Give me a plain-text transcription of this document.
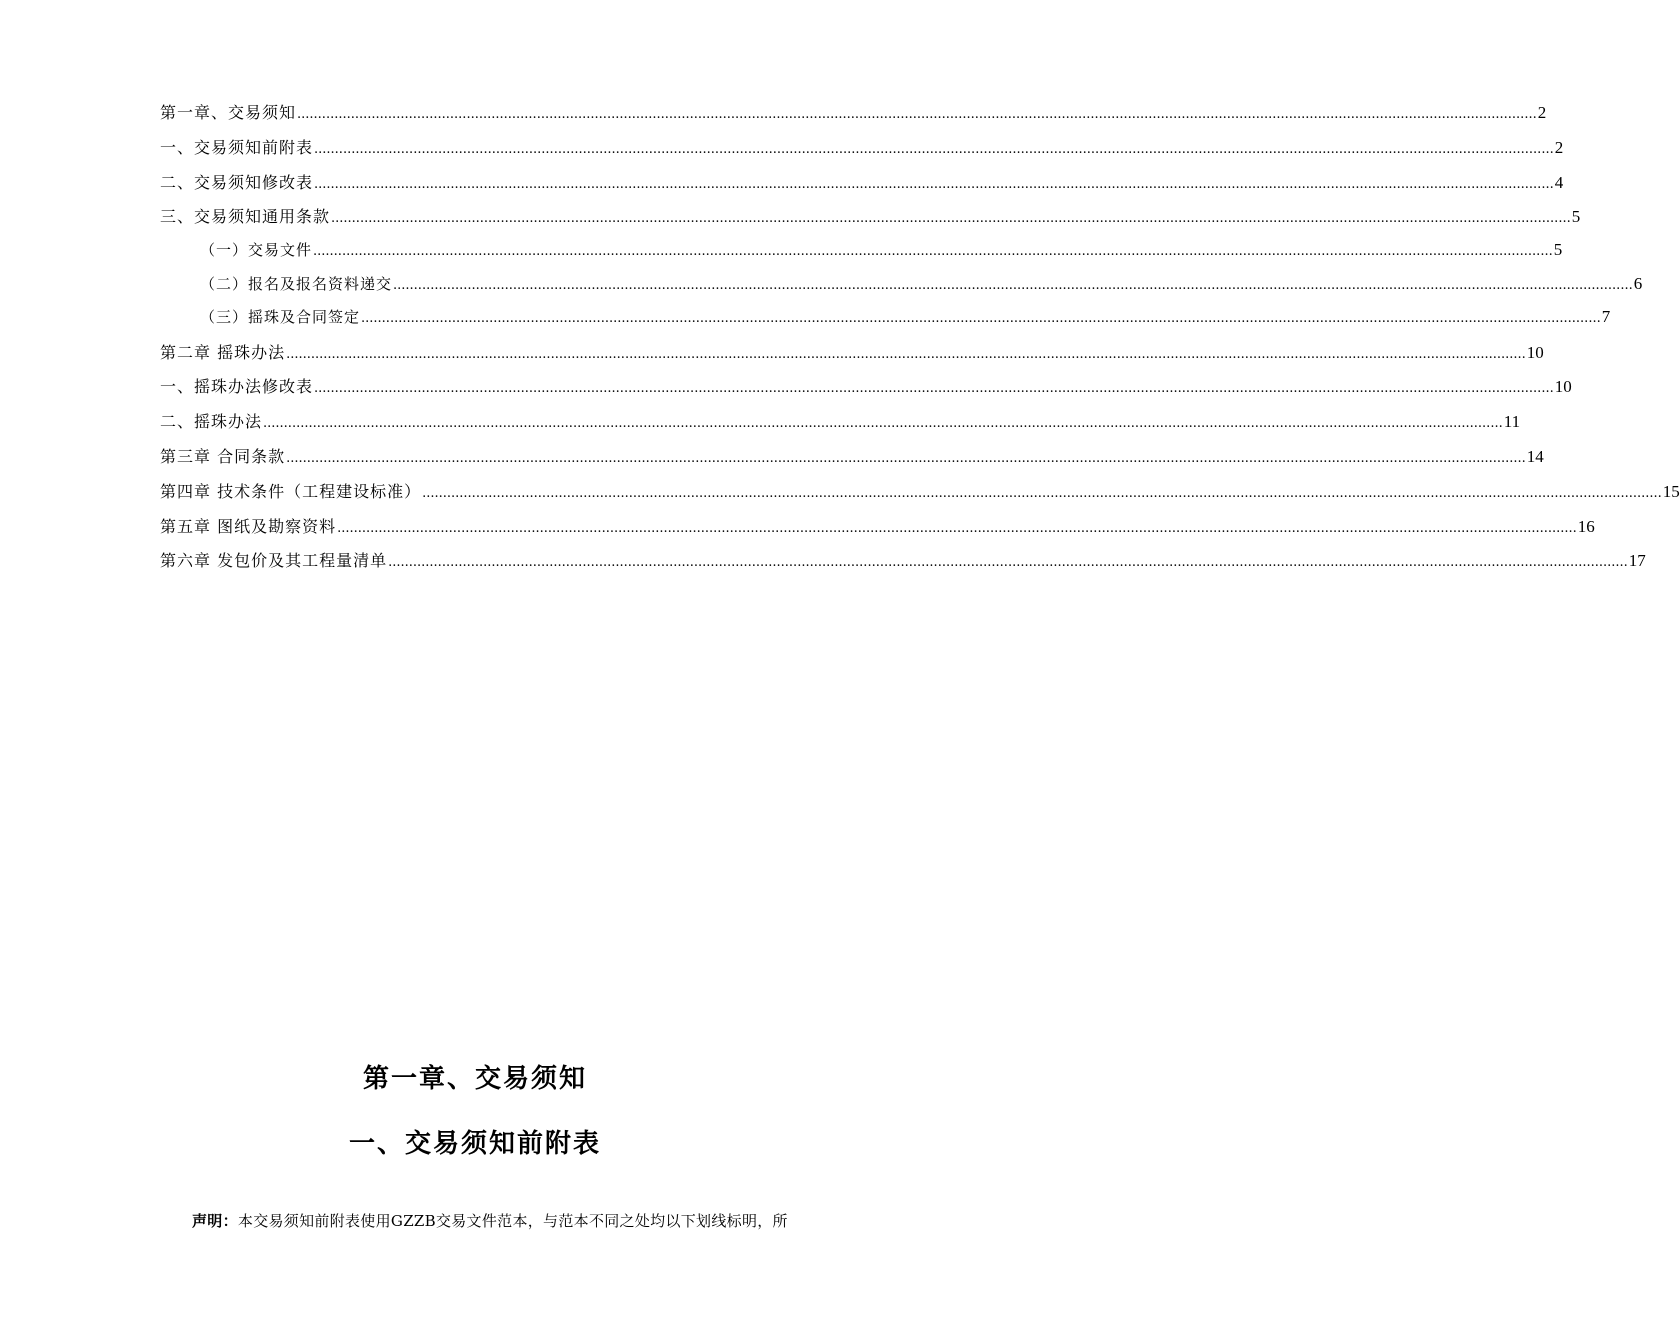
第一章、交易须知 ............................................................................................................................................................................................................................................................................................................ 2
一、交易须知前附表 ............................................................................................................................................................................................................................................................................................................ 2
二、交易须知修改表 ............................................................................................................................................................................................................................................................................................................ 4
三、交易须知通用条款 ............................................................................................................................................................................................................................................................................................................ 5
（一）交易文件 ............................................................................................................................................................................................................................................................................................................ 5
（二）报名及报名资料递交 ............................................................................................................................................................................................................................................................................................................ 6
（三）摇珠及合同签定 ............................................................................................................................................................................................................................................................................................................ 7
第二章 摇珠办法 ............................................................................................................................................................................................................................................................................................................ 10
一、摇珠办法修改表 ............................................................................................................................................................................................................................................................................................................ 10
二、摇珠办法 ............................................................................................................................................................................................................................................................................................................ 11
第三章 合同条款 ............................................................................................................................................................................................................................................................................................................ 14
第四章 技术条件（工程建设标准） ............................................................................................................................................................................................................................................................................................................ 15
第五章 图纸及勘察资料 ............................................................................................................................................................................................................................................................................................................ 16
第六章 发包价及其工程量清单 ............................................................................................................................................................................................................................................................................................................ 17
第一章、交易须知
一、交易须知前附表
声明：本交易须知前附表使用GZZB交易文件范本，与范本不同之处均以下划线标明，所
